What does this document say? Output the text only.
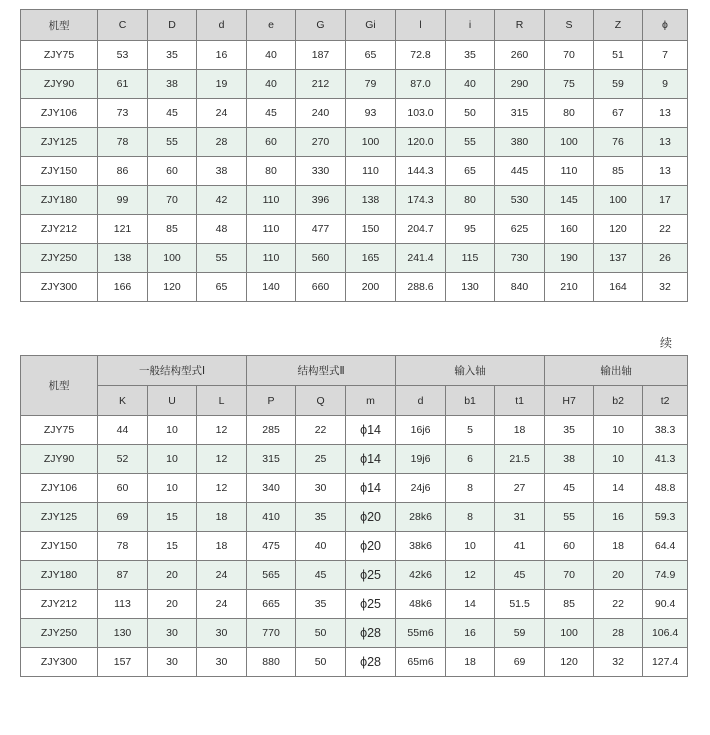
机型	C	D	d	e	G	Gi	l	i	R	S	Z	ϕ
ZJY75	53	35	16	40	187	65	72.8	35	260	70	51	7
ZJY90	61	38	19	40	212	79	87.0	40	290	75	59	9
ZJY106	73	45	24	45	240	93	103.0	50	315	80	67	13
ZJY125	78	55	28	60	270	100	120.0	55	380	100	76	13
ZJY150	86	60	38	80	330	110	144.3	65	445	110	85	13
ZJY180	99	70	42	110	396	138	174.3	80	530	145	100	17
ZJY212	121	85	48	110	477	150	204.7	95	625	160	120	22
ZJY250	138	100	55	110	560	165	241.4	115	730	190	137	26
ZJY300	166	120	65	140	660	200	288.6	130	840	210	164	32
续
机型	一般结构型式Ⅰ			结构型式Ⅱ			输入轴			输出轴		
	K	U	L	P	Q	m	d	b1	t1	H7	b2	t2
ZJY75	44	10	12	285	22	ϕ14	16j6	5	18	35	10	38.3
ZJY90	52	10	12	315	25	ϕ14	19j6	6	21.5	38	10	41.3
ZJY106	60	10	12	340	30	ϕ14	24j6	8	27	45	14	48.8
ZJY125	69	15	18	410	35	ϕ20	28k6	8	31	55	16	59.3
ZJY150	78	15	18	475	40	ϕ20	38k6	10	41	60	18	64.4
ZJY180	87	20	24	565	45	ϕ25	42k6	12	45	70	20	74.9
ZJY212	113	20	24	665	35	ϕ25	48k6	14	51.5	85	22	90.4
ZJY250	130	30	30	770	50	ϕ28	55m6	16	59	100	28	106.4
ZJY300	157	30	30	880	50	ϕ28	65m6	18	69	120	32	127.4
